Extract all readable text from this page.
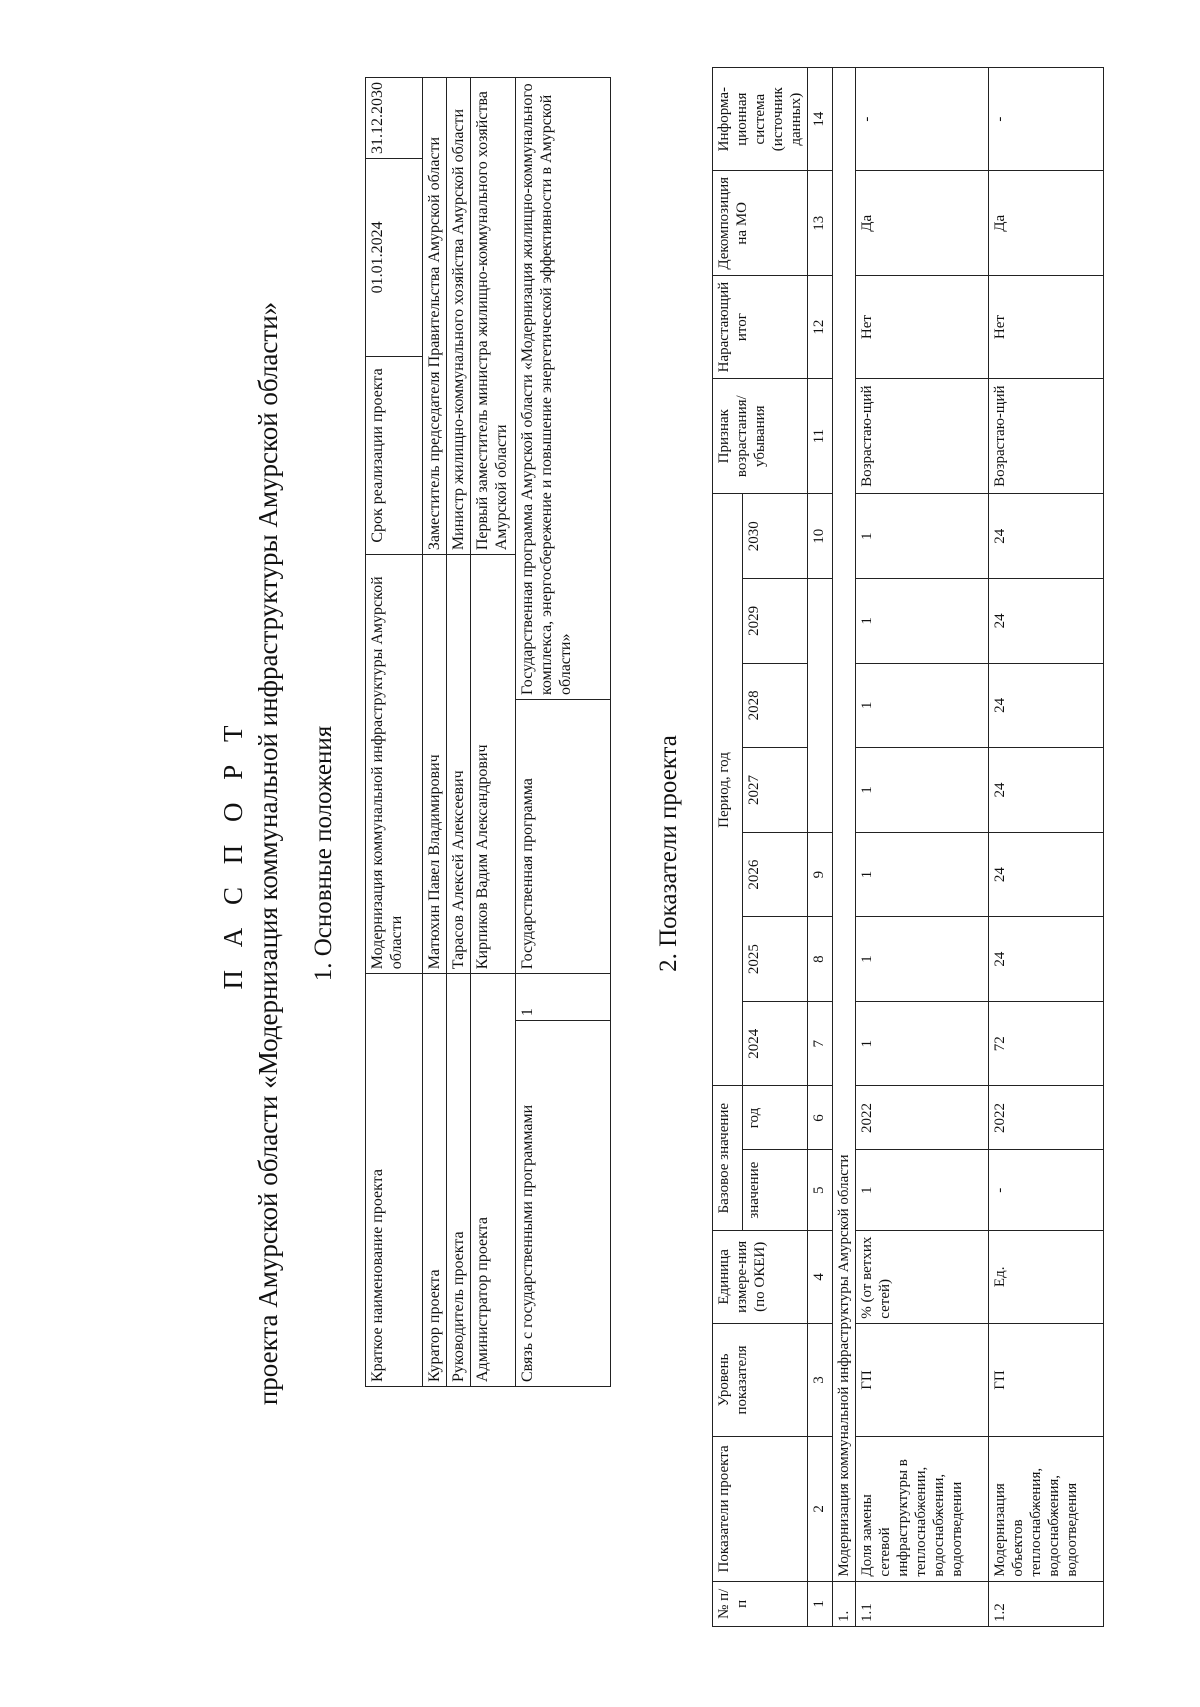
П А С П О Р Т проекта Амурской области «Модернизация коммунальной инфраструктуры Амурской области» 1. Основные положения
Краткое наименование проекта		Модернизация коммунальной инфраструктуры Амурской области		Срок реализации проекта	01.01.2024	31.12.2030
Куратор проекта		Матюхин Павел Владимирович		Заместитель председателя Правительства Амурской области		
Руководитель проекта		Тарасов Алексей Алексеевич		Министр жилищно-коммунального хозяйства Амурской области		
Администратор проекта		Кирпиков Вадим Александрович		Первый заместитель министра жилищно-коммунального хозяйства Амурской области		
Связь с государственными программами	1	Государственная программа	Государственная программа Амурской области «Модернизация жилищно-коммунального комплекса, энергосбережение и повышение энергетической эффективности в Амурской области»			
2. Показатели проекта
№ п/п	Показатели проекта	Уровень показателя	Единица измере-ния (по ОКЕИ)	Базовое значение		Период, год							Признак возрастания/убывания	Нарастающий итог	Декомпозиция на МО	Информа-ционная система (источник данных)
				значение	год	2024	2025	2026	2027	2028	2029	2030				
1	2	3	4	5	6	7	8	9				10	11	12	13	14
1.	Модернизация коммунальной инфраструктуры Амурской области															
1.1	Доля замены сетевой инфраструктуры в теплоснабжении, водоснабжении, водоотведении	ГП	% (от ветхих сетей)	1	2022	1	1	1	1	1	1	1	Возрастаю-щий	Нет	Да	-
1.2	Модернизация объектов теплоснабжения, водоснабжения, водоотведения	ГП	Ед.	-	2022	72	24	24	24	24	24	24	Возрастаю-щий	Нет	Да	-
